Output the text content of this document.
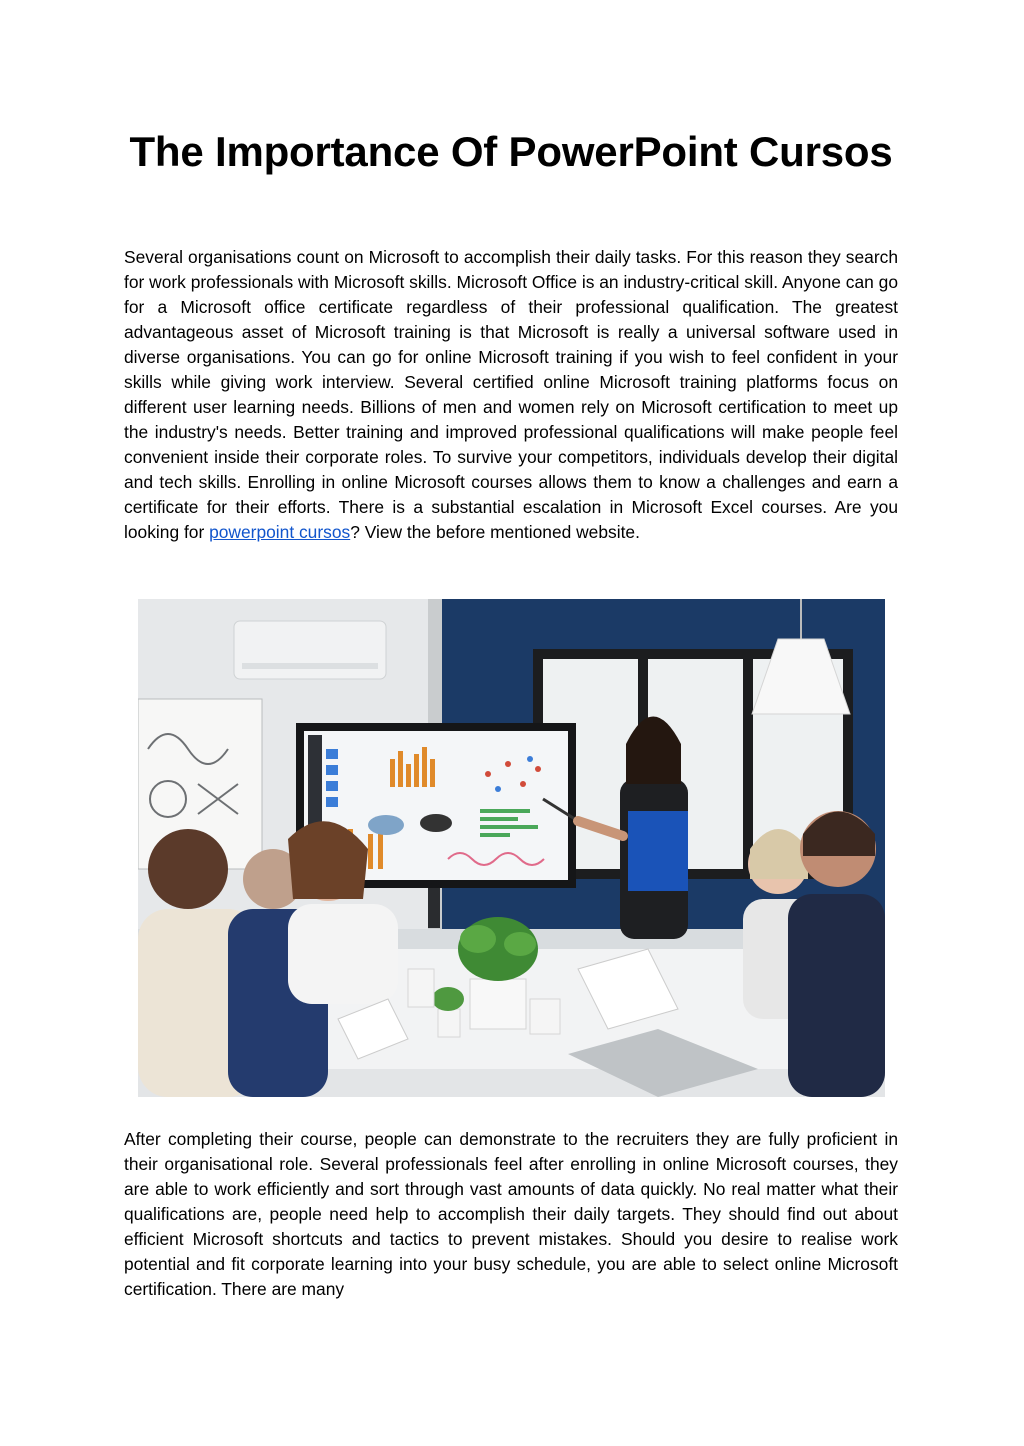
The Importance Of PowerPoint Cursos

Several organisations count on Microsoft to accomplish their daily tasks. For this reason they search for work professionals with Microsoft skills. Microsoft Office is an industry-critical skill. Anyone can go for a Microsoft office certificate regardless of their professional qualification. The greatest advantageous asset of Microsoft training is that Microsoft is really a universal software used in diverse organisations. You can go for online Microsoft training if you wish to feel confident in your skills while giving work interview. Several certified online Microsoft training platforms focus on different user learning needs. Billions of men and women rely on Microsoft certification to meet up the industry's needs. Better training and improved professional qualifications will make people feel convenient inside their corporate roles. To survive your competitors, individuals develop their digital and tech skills. Enrolling in online Microsoft courses allows them to know a challenges and earn a certificate for their efforts. There is a substantial escalation in Microsoft Excel courses. Are you looking for powerpoint cursos? View the before mentioned website.

After completing their course, people can demonstrate to the recruiters they are fully proficient in their organisational role. Several professionals feel after enrolling in online Microsoft courses, they are able to work efficiently and sort through vast amounts of data quickly. No real matter what their qualifications are, people need help to accomplish their daily targets. They should find out about efficient Microsoft shortcuts and tactics to prevent mistakes. Should you desire to realise work potential and fit corporate learning into your busy schedule, you are able to select online Microsoft certification. There are many
